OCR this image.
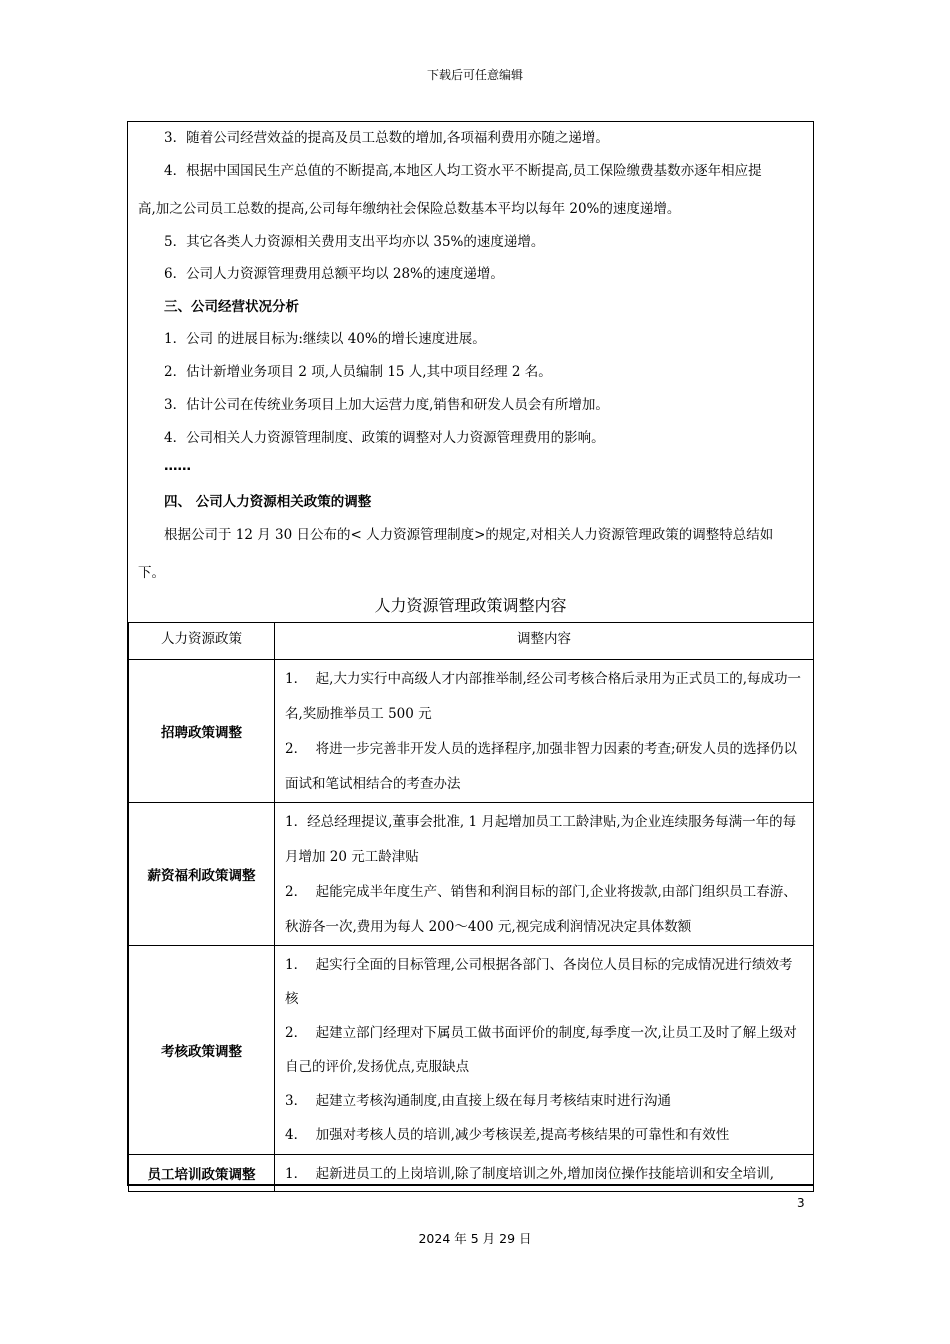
下载后可任意编辑
3．随着公司经营效益的提高及员工总数的增加,各项福利费用亦随之递增。
4．根据中国国民生产总值的不断提高,本地区人均工资水平不断提高,员工保险缴费基数亦逐年相应提
高,加之公司员工总数的提高,公司每年缴纳社会保险总数基本平均以每年 20%的速度递增。
5．其它各类人力资源相关费用支出平均亦以 35%的速度递增。
6．公司人力资源管理费用总额平均以 28%的速度递增。
三、公司经营状况分析
1．公司 的进展目标为:继续以 40%的增长速度进展。
2．估计新增业务项目 2 项,人员编制 15 人,其中项目经理 2 名。
3．估计公司在传统业务项目上加大运营力度,销售和研发人员会有所增加。
4．公司相关人力资源管理制度、政策的调整对人力资源管理费用的影响。
……
四、 公司人力资源相关政策的调整
根据公司于 12 月 30 日公布的< 人力资源管理制度>的规定,对相关人力资源管理政策的调整特总结如
下。
人力资源管理政策调整内容
人力资源政策	调整内容
招聘政策调整	1．  起,大力实行中高级人才内部推举制,经公司考核合格后录用为正式员工的,每成功一名,奖励推举员工 500 元
2．  将进一步完善非开发人员的选择程序,加强非智力因素的考查;研发人员的选择仍以面试和笔试相结合的考查办法

薪资福利政策调整	1．经总经理提议,董事会批准, 1 月起增加员工工龄津贴,为企业连续服务每满一年的每月增加 20 元工龄津贴
2．  起能完成半年度生产、销售和利润目标的部门,企业将拨款,由部门组织员工春游、秋游各一次,费用为每人 200～400 元,视完成利润情况决定具体数额

考核政策调整	1．  起实行全面的目标管理,公司根据各部门、各岗位人员目标的完成情况进行绩效考核
2．  起建立部门经理对下属员工做书面评价的制度,每季度一次,让员工及时了解上级对自己的评价,发扬优点,克服缺点
3．  起建立考核沟通制度,由直接上级在每月考核结束时进行沟通
4．  加强对考核人员的培训,减少考核误差,提高考核结果的可靠性和有效性

员工培训政策调整	1．  起新进员工的上岗培训,除了制度培训之外,增加岗位操作技能培训和安全培训,
3
2024 年 5 月 29 日
